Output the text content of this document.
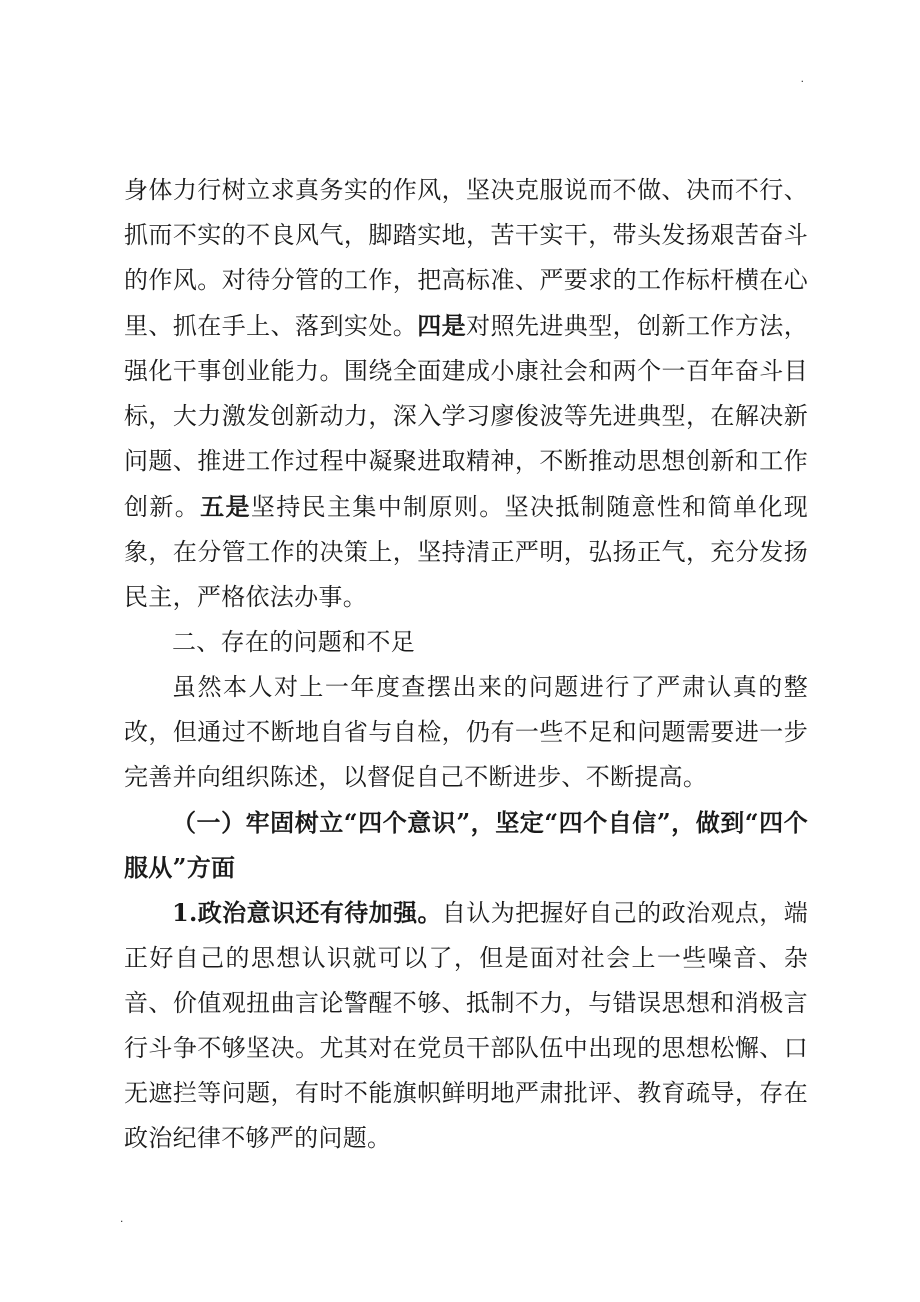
.

身体力行树立求真务实的作风，坚决克服说而不做、决而不行、抓而不实的不良风气，脚踏实地，苦干实干，带头发扬艰苦奋斗的作风。对待分管的工作，把高标准、严要求的工作标杆横在心里、抓在手上、落到实处。四是对照先进典型，创新工作方法，强化干事创业能力。围绕全面建成小康社会和两个一百年奋斗目标，大力激发创新动力，深入学习廖俊波等先进典型，在解决新问题、推进工作过程中凝聚进取精神，不断推动思想创新和工作创新。五是坚持民主集中制原则。坚决抵制随意性和简单化现象，在分管工作的决策上，坚持清正严明，弘扬正气，充分发扬民主，严格依法办事。

二、存在的问题和不足

虽然本人对上一年度查摆出来的问题进行了严肃认真的整改，但通过不断地自省与自检，仍有一些不足和问题需要进一步完善并向组织陈述，以督促自己不断进步、不断提高。

（一）牢固树立“四个意识”，坚定“四个自信”，做到“四个服从”方面

1.政治意识还有待加强。自认为把握好自己的政治观点，端正好自己的思想认识就可以了，但是面对社会上一些噪音、杂音、价值观扭曲言论警醒不够、抵制不力，与错误思想和消极言行斗争不够坚决。尤其对在党员干部队伍中出现的思想松懈、口无遮拦等问题，有时不能旗帜鲜明地严肃批评、教育疏导，存在政治纪律不够严的问题。

.
